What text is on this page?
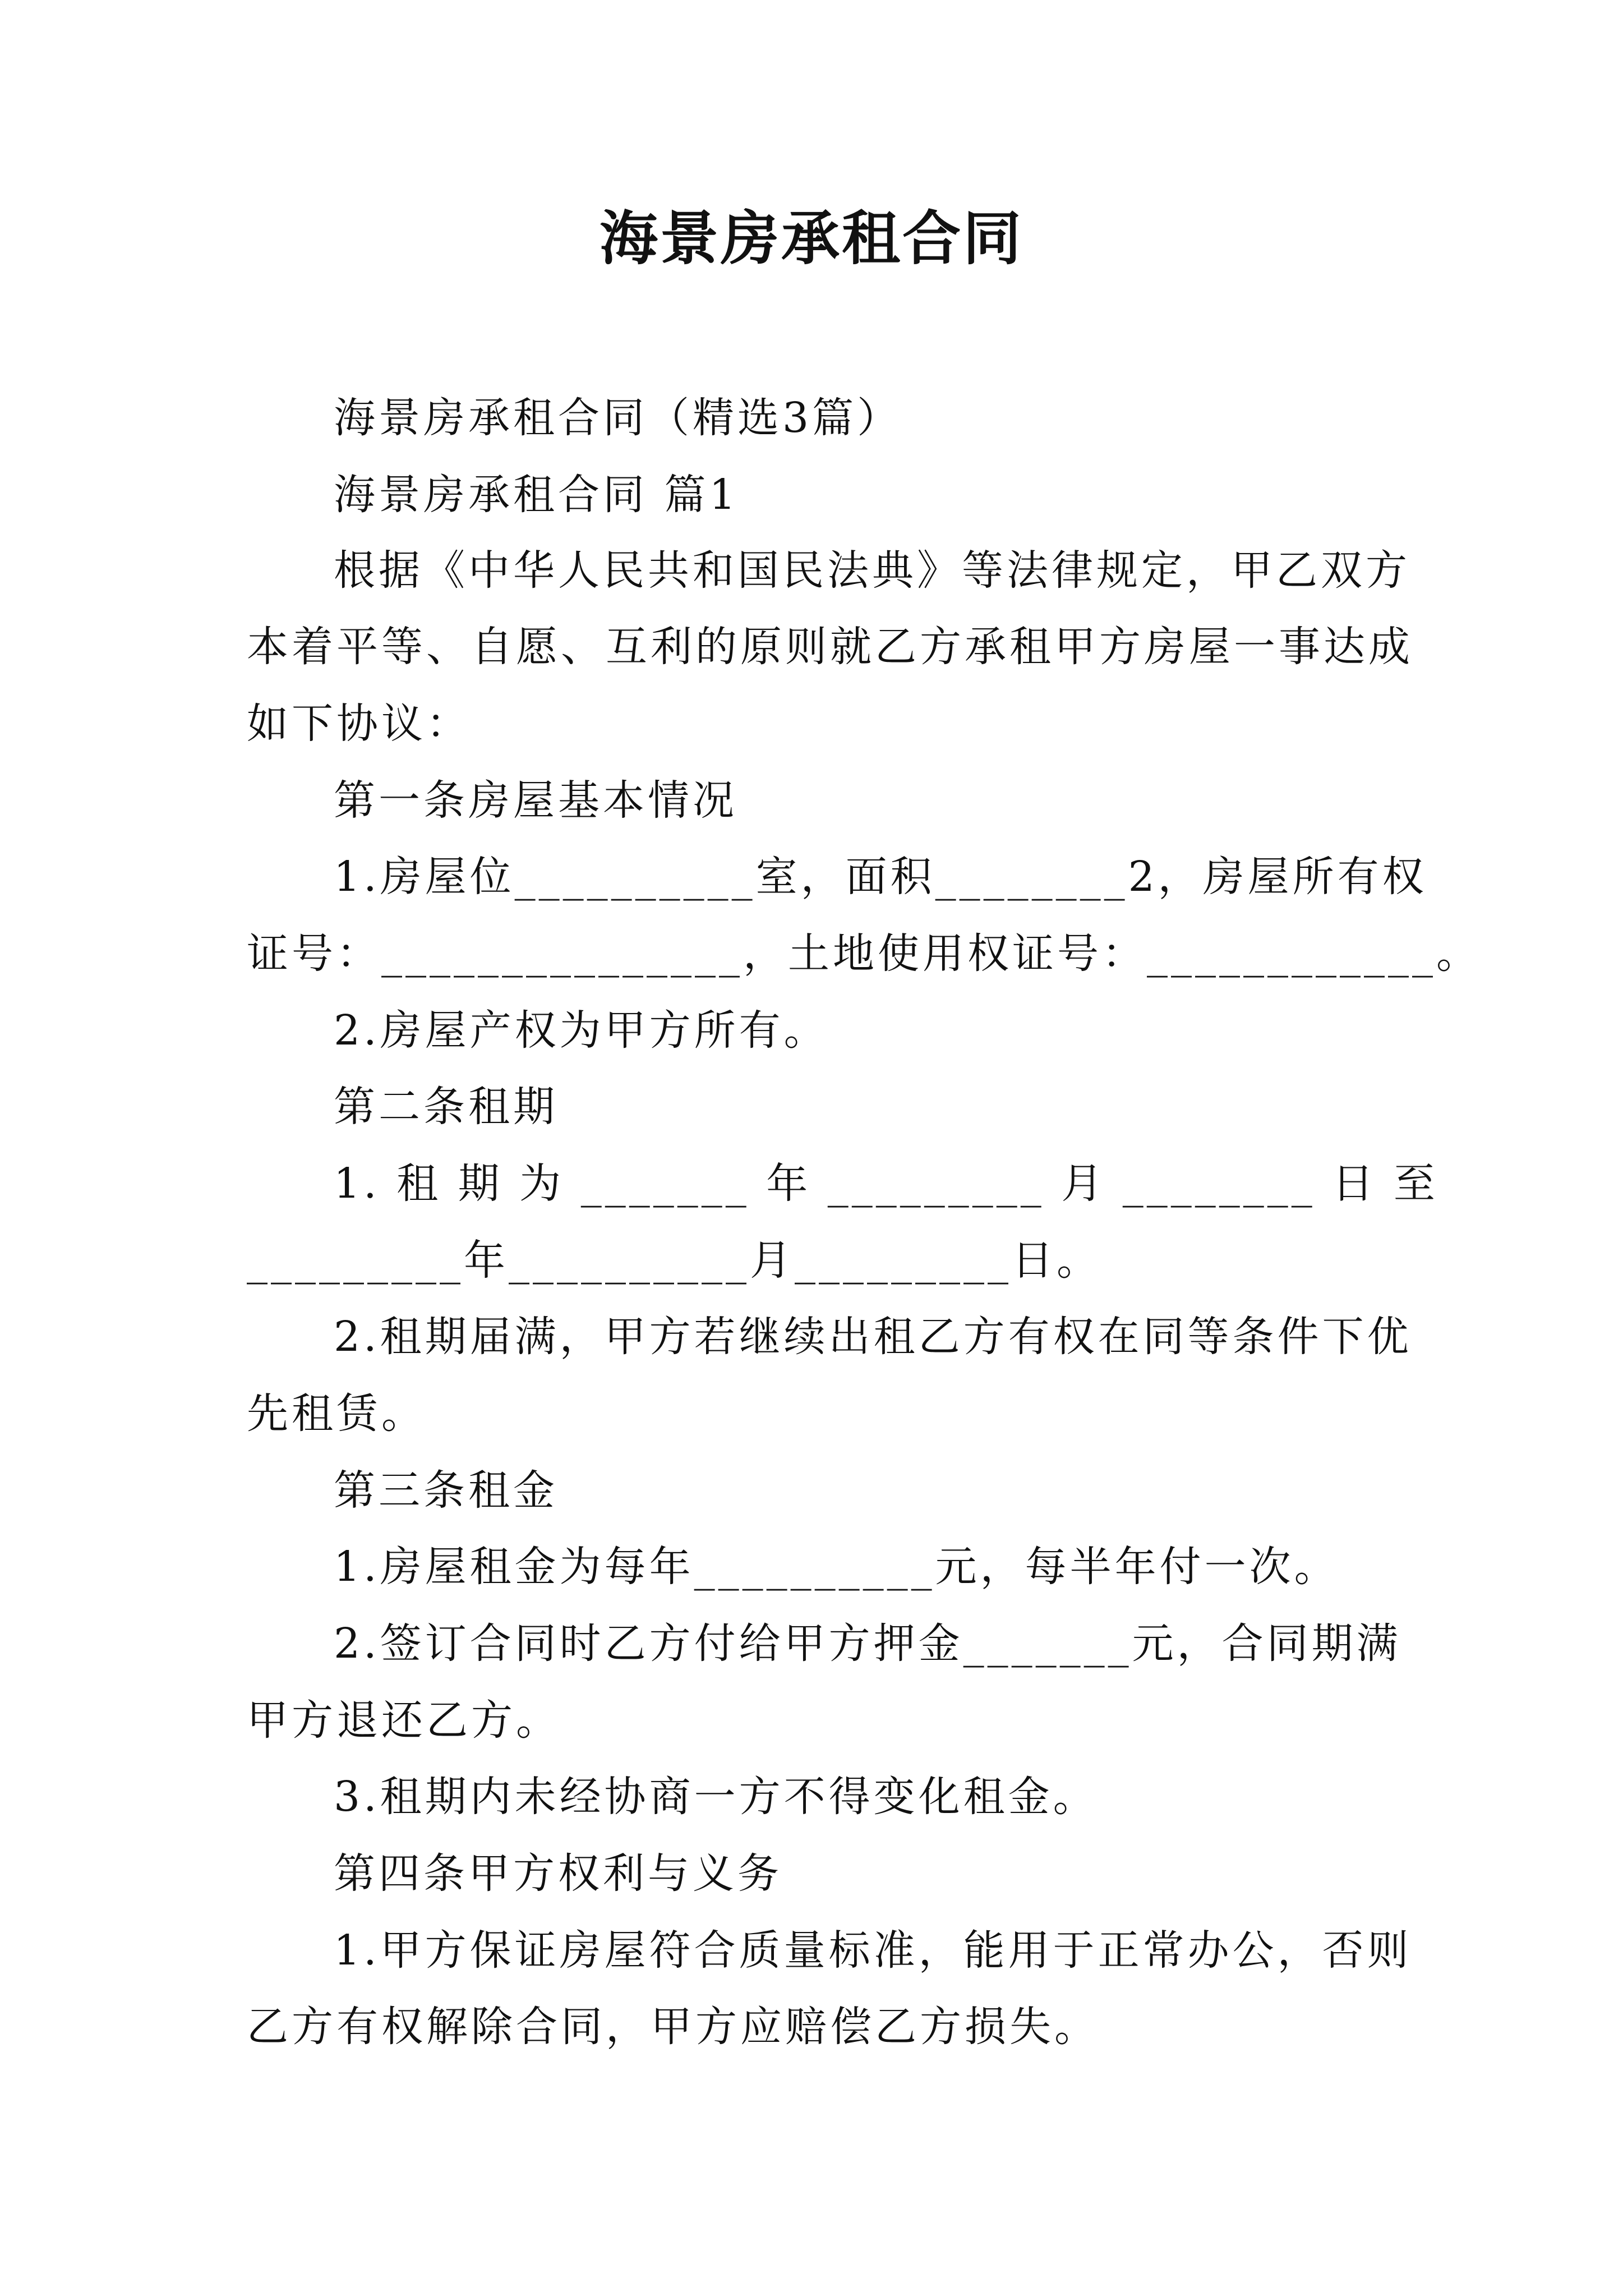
海景房承租合同
海景房承租合同（精选3篇）
海景房承租合同 篇1
根据《中华人民共和国民法典》等法律规定，甲乙双方
本着平等、自愿、互利的原则就乙方承租甲方房屋一事达成
如下协议：
第一条房屋基本情况
1.房屋位__________室，面积________2，房屋所有权
证号：_______________，土地使用权证号：____________。
2.房屋产权为甲方所有。
第二条租期
1. 租 期 为 _______ 年 _________ 月 ________ 日 至
_________年__________月_________日。
2.租期届满，甲方若继续出租乙方有权在同等条件下优
先租赁。
第三条租金
1.房屋租金为每年__________元，每半年付一次。
2.签订合同时乙方付给甲方押金_______元，合同期满
甲方退还乙方。
3.租期内未经协商一方不得变化租金。
第四条甲方权利与义务
1.甲方保证房屋符合质量标准，能用于正常办公，否则
乙方有权解除合同，甲方应赔偿乙方损失。
